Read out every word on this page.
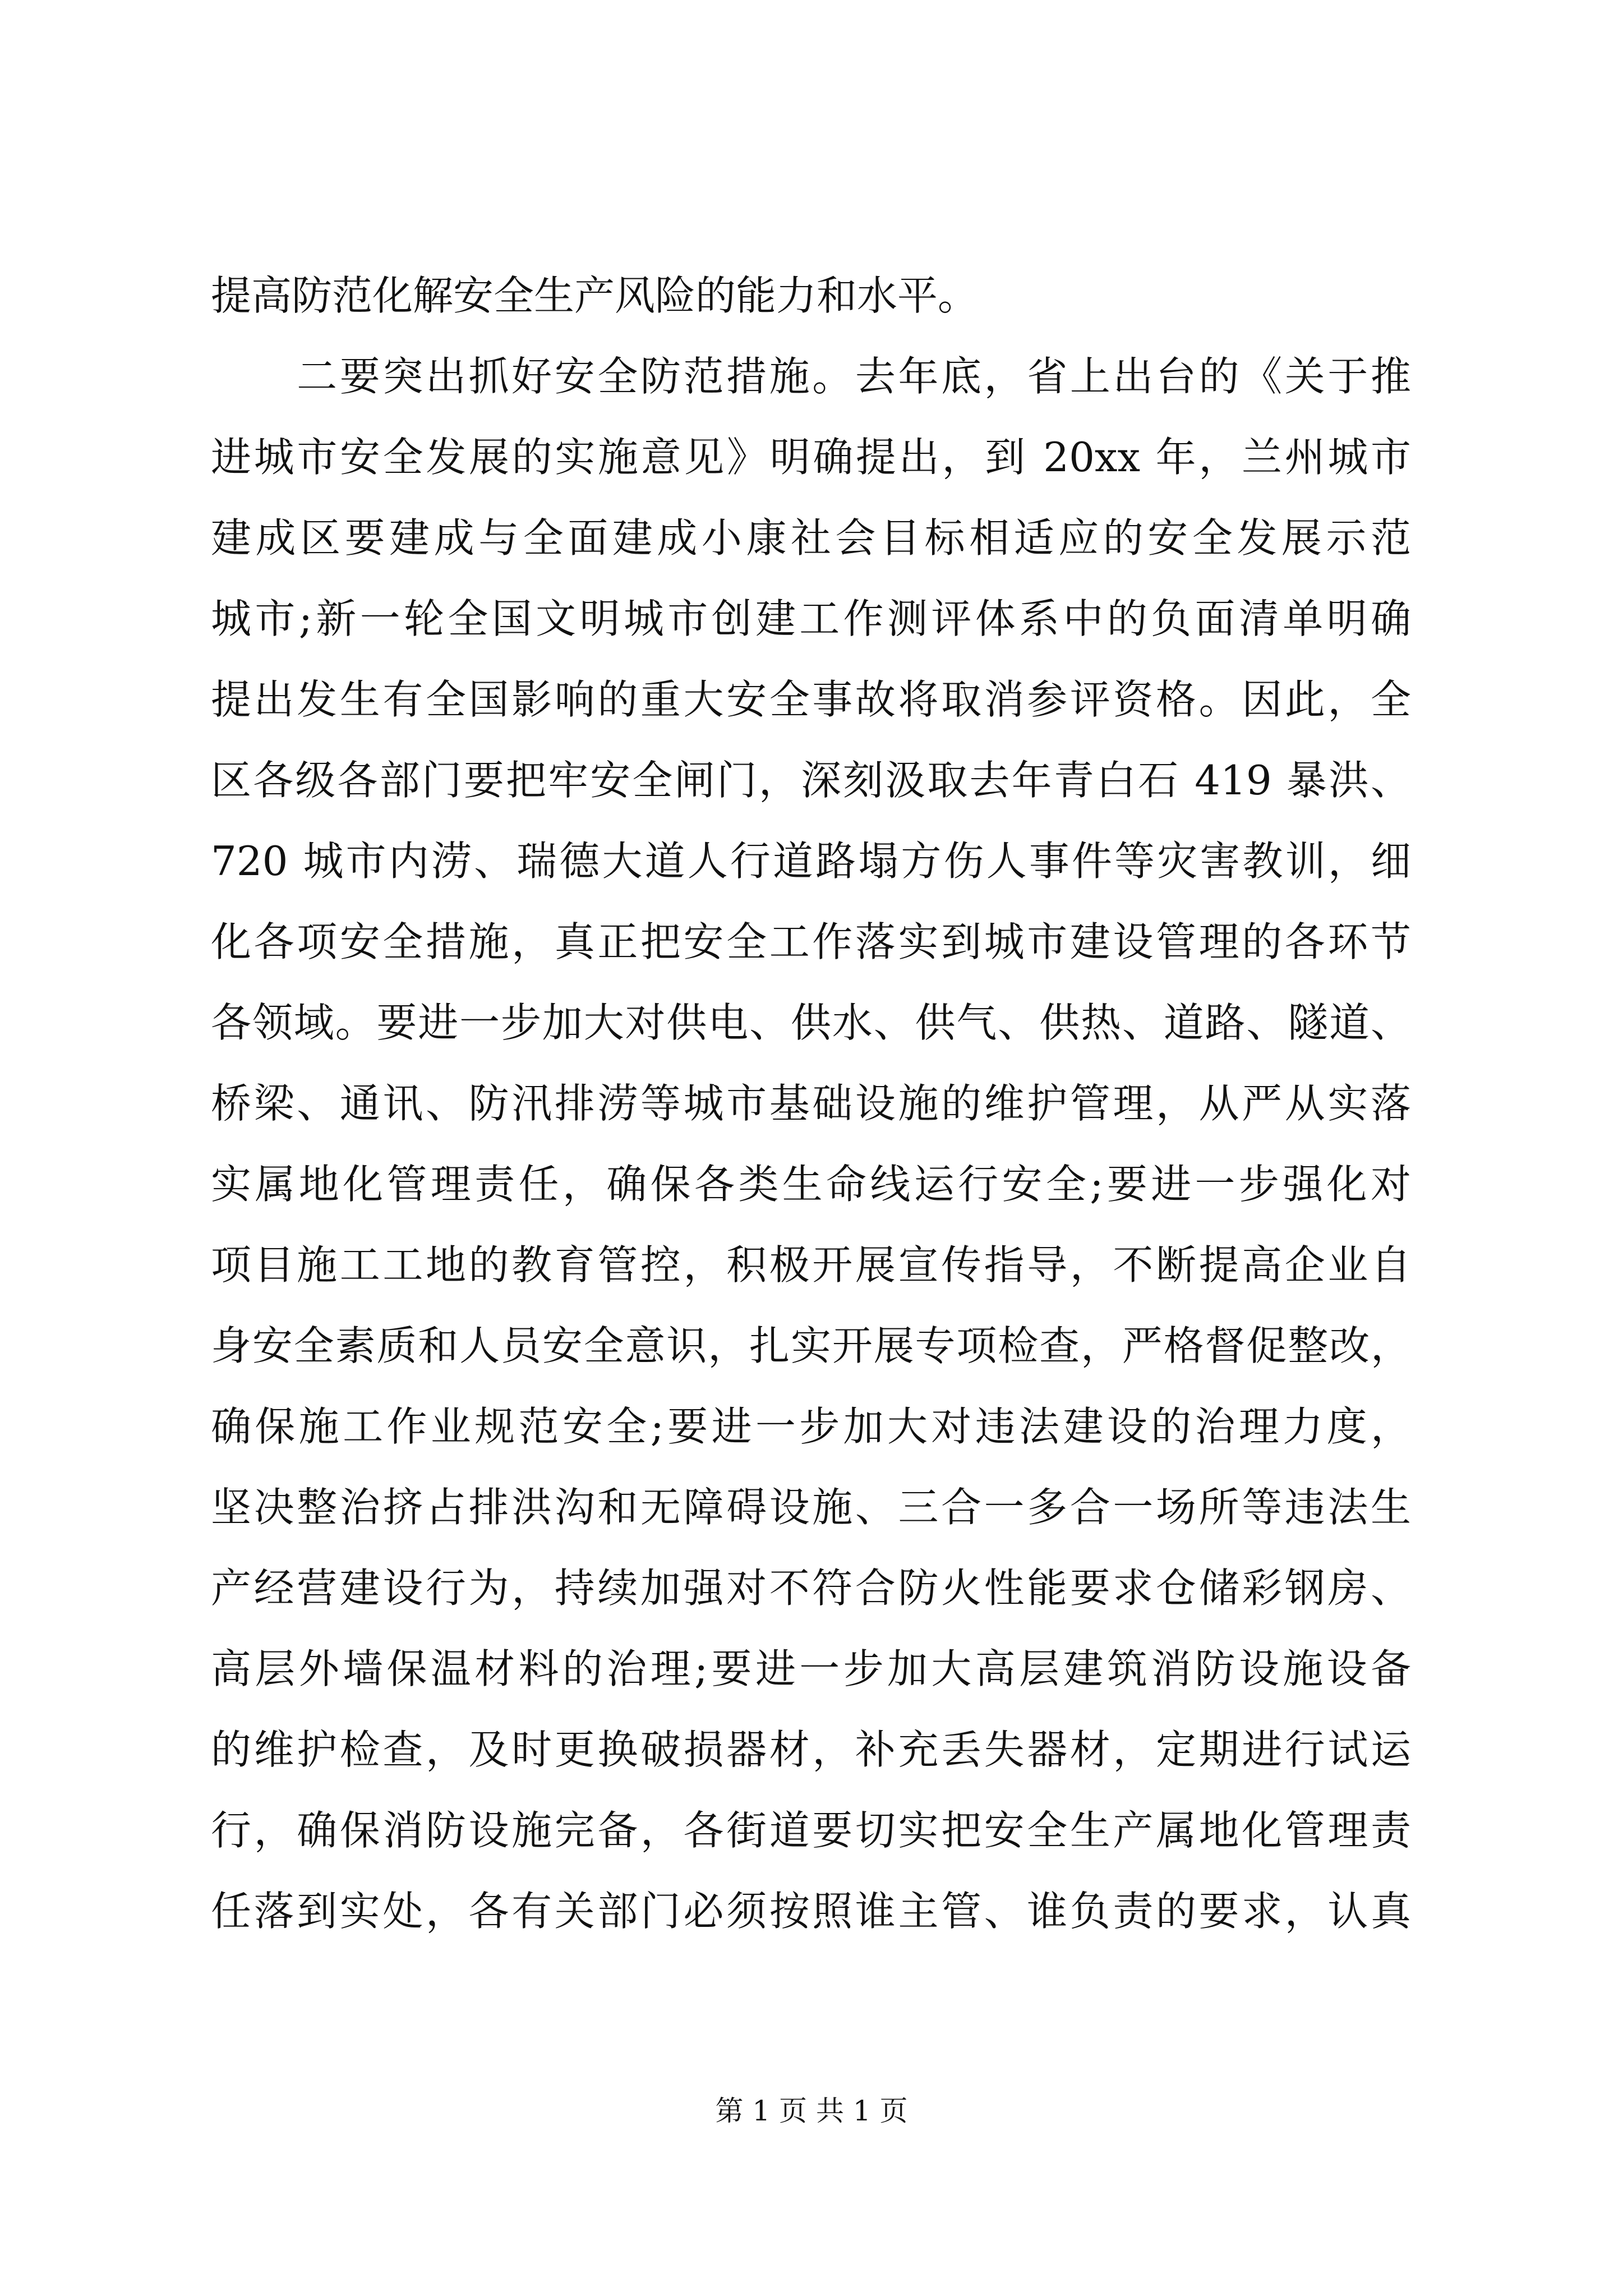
提高防范化解安全生产风险的能力和水平。
　　二要突出抓好安全防范措施。去年底，省上出台的《关于推
进城市安全发展的实施意见》明确提出，到 20xx 年，兰州城市
建成区要建成与全面建成小康社会目标相适应的安全发展示范
城市;新一轮全国文明城市创建工作测评体系中的负面清单明确
提出发生有全国影响的重大安全事故将取消参评资格。因此，全
区各级各部门要把牢安全闸门，深刻汲取去年青白石 419 暴洪、
720 城市内涝、瑞德大道人行道路塌方伤人事件等灾害教训，细
化各项安全措施，真正把安全工作落实到城市建设管理的各环节
各领域。要进一步加大对供电、供水、供气、供热、道路、隧道、
桥梁、通讯、防汛排涝等城市基础设施的维护管理，从严从实落
实属地化管理责任，确保各类生命线运行安全;要进一步强化对
项目施工工地的教育管控，积极开展宣传指导，不断提高企业自
身安全素质和人员安全意识，扎实开展专项检查，严格督促整改，
确保施工作业规范安全;要进一步加大对违法建设的治理力度，
坚决整治挤占排洪沟和无障碍设施、三合一多合一场所等违法生
产经营建设行为，持续加强对不符合防火性能要求仓储彩钢房、
高层外墙保温材料的治理;要进一步加大高层建筑消防设施设备
的维护检查，及时更换破损器材，补充丢失器材，定期进行试运
行，确保消防设施完备，各街道要切实把安全生产属地化管理责
任落到实处，各有关部门必须按照谁主管、谁负责的要求，认真
第 1 页 共 1 页
